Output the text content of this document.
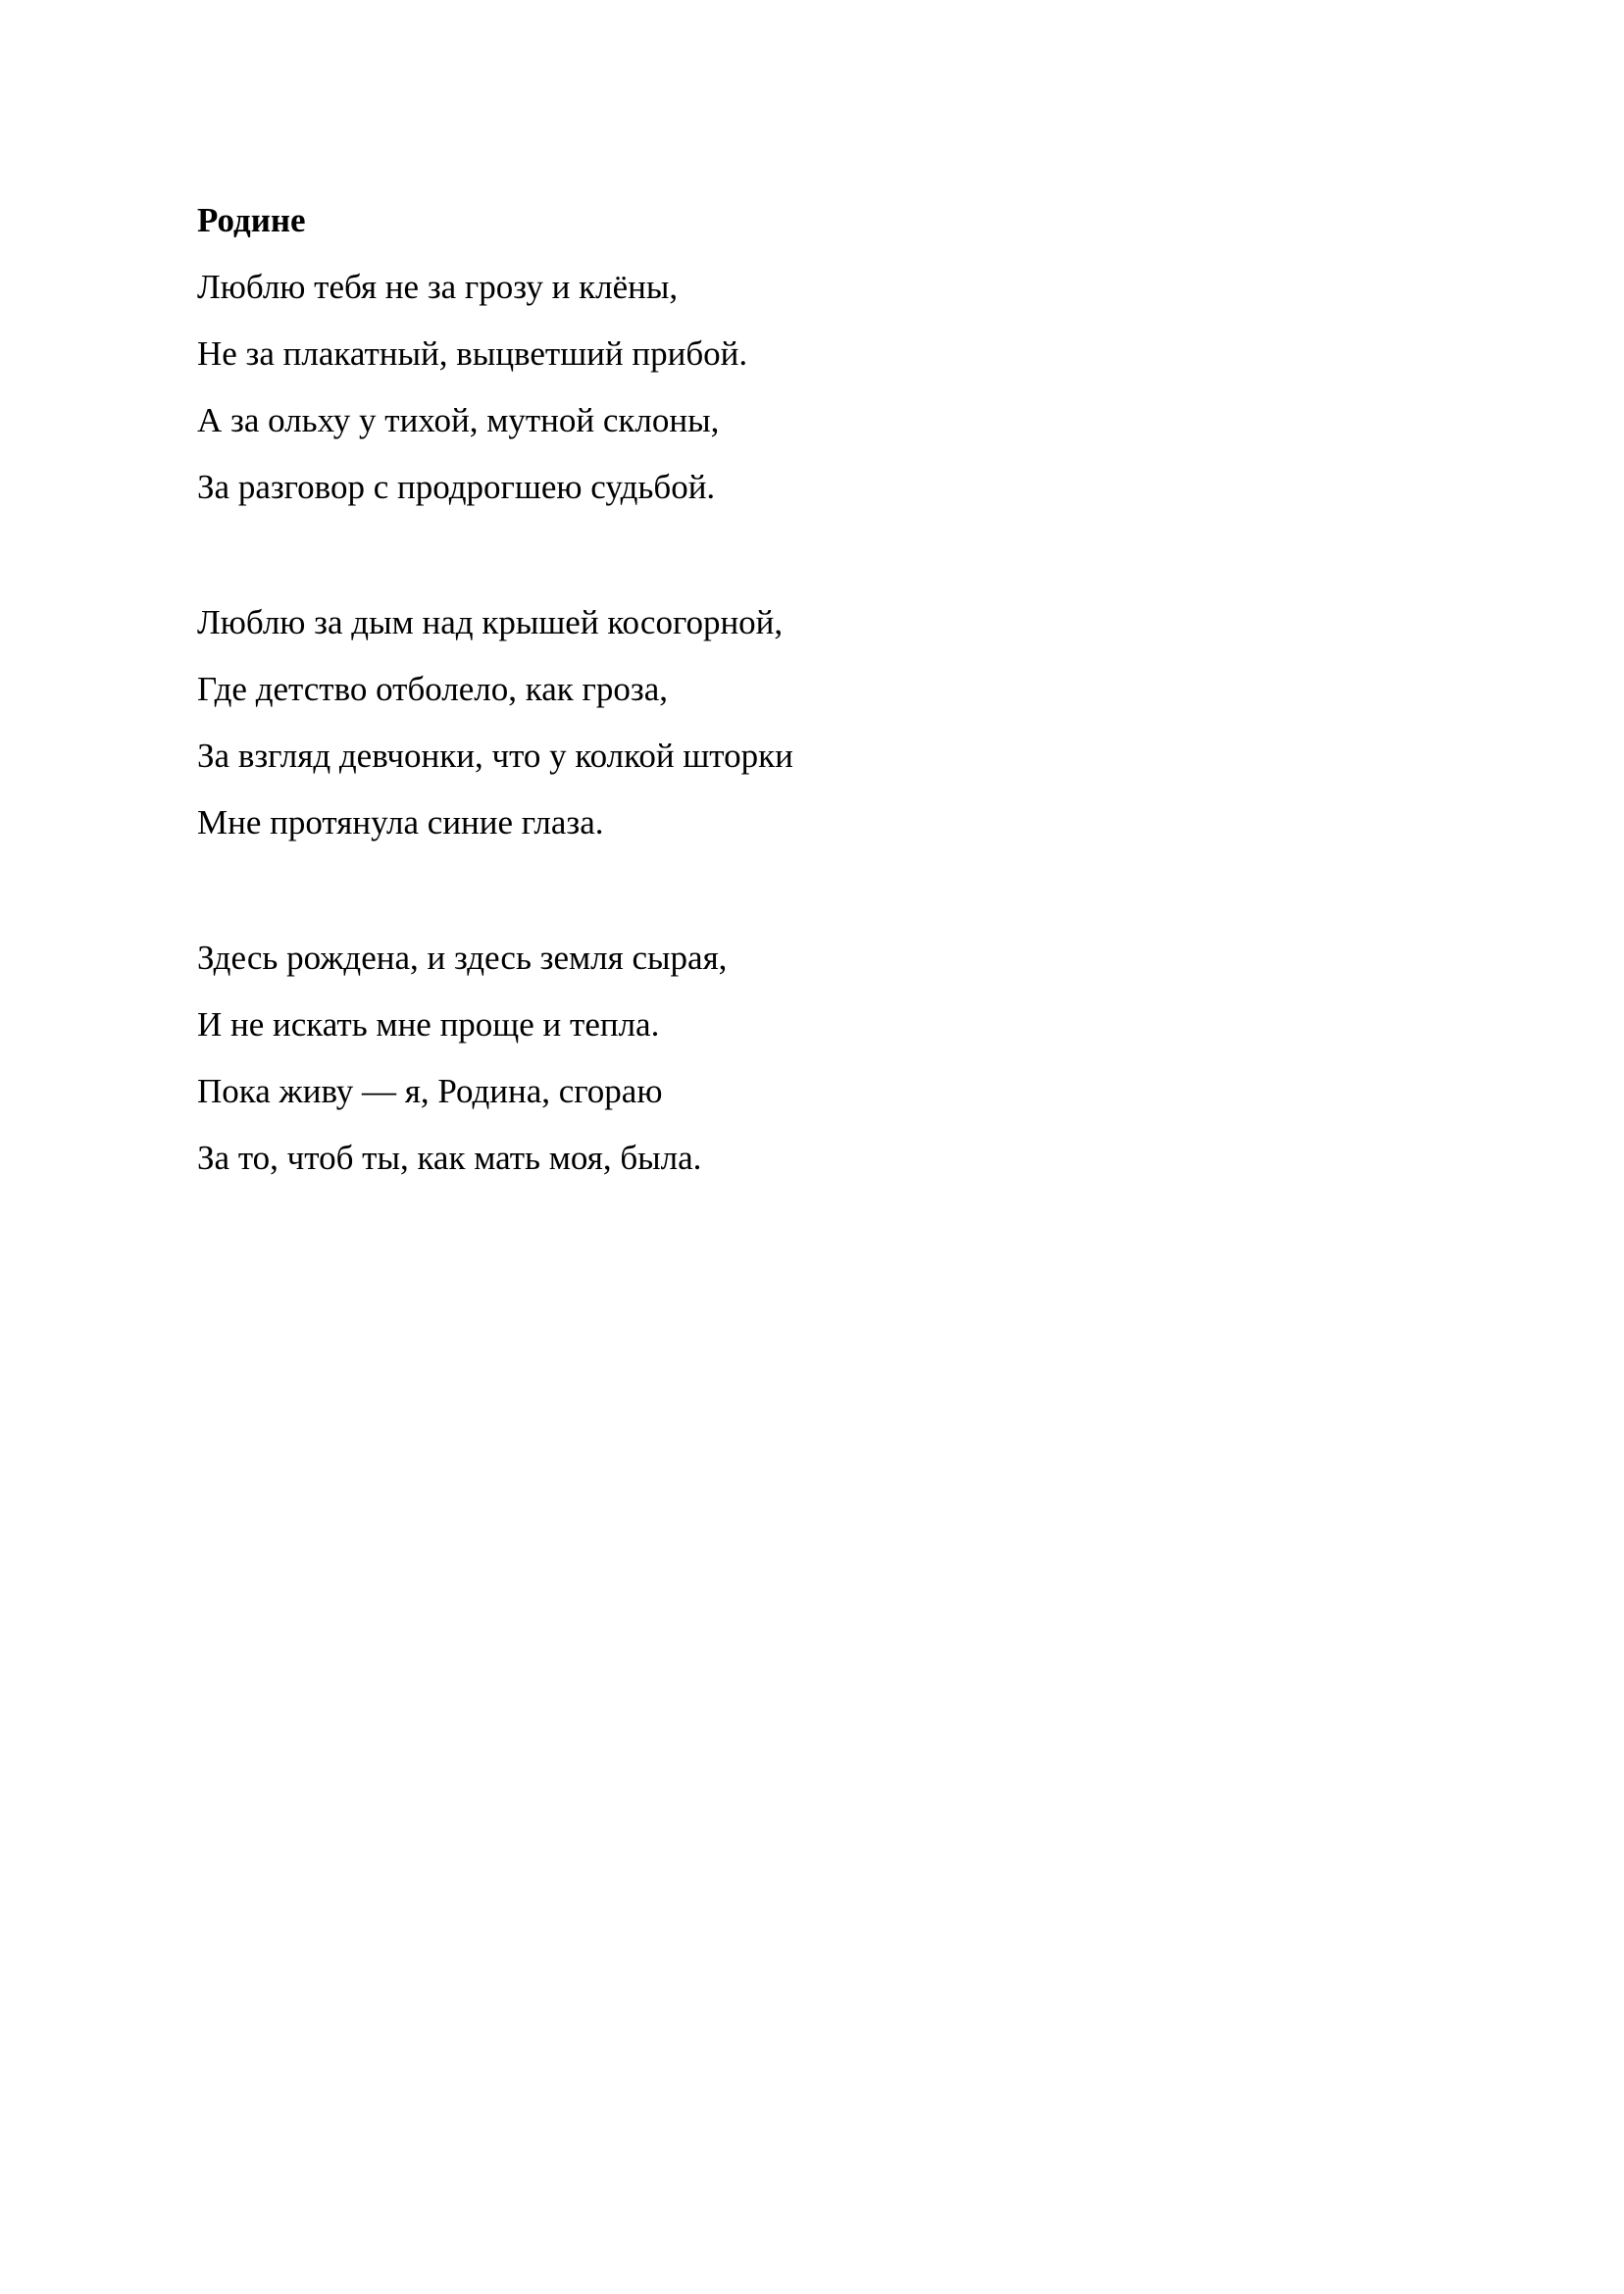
Родине
Люблю тебя не за грозу и клёны,
Не за плакатный, выцветший прибой.
А за ольху у тихой, мутной склоны,
За разговор с продрогшею судьбой.
Люблю за дым над крышей косогорной,
Где детство отболело, как гроза,
За взгляд девчонки, что у колкой шторки
Мне протянула синие глаза.
Здесь рождена, и здесь земля сырая,
И не искать мне проще и тепла.
Пока живу — я, Родина, сгораю
За то, чтоб ты, как мать моя, была.
